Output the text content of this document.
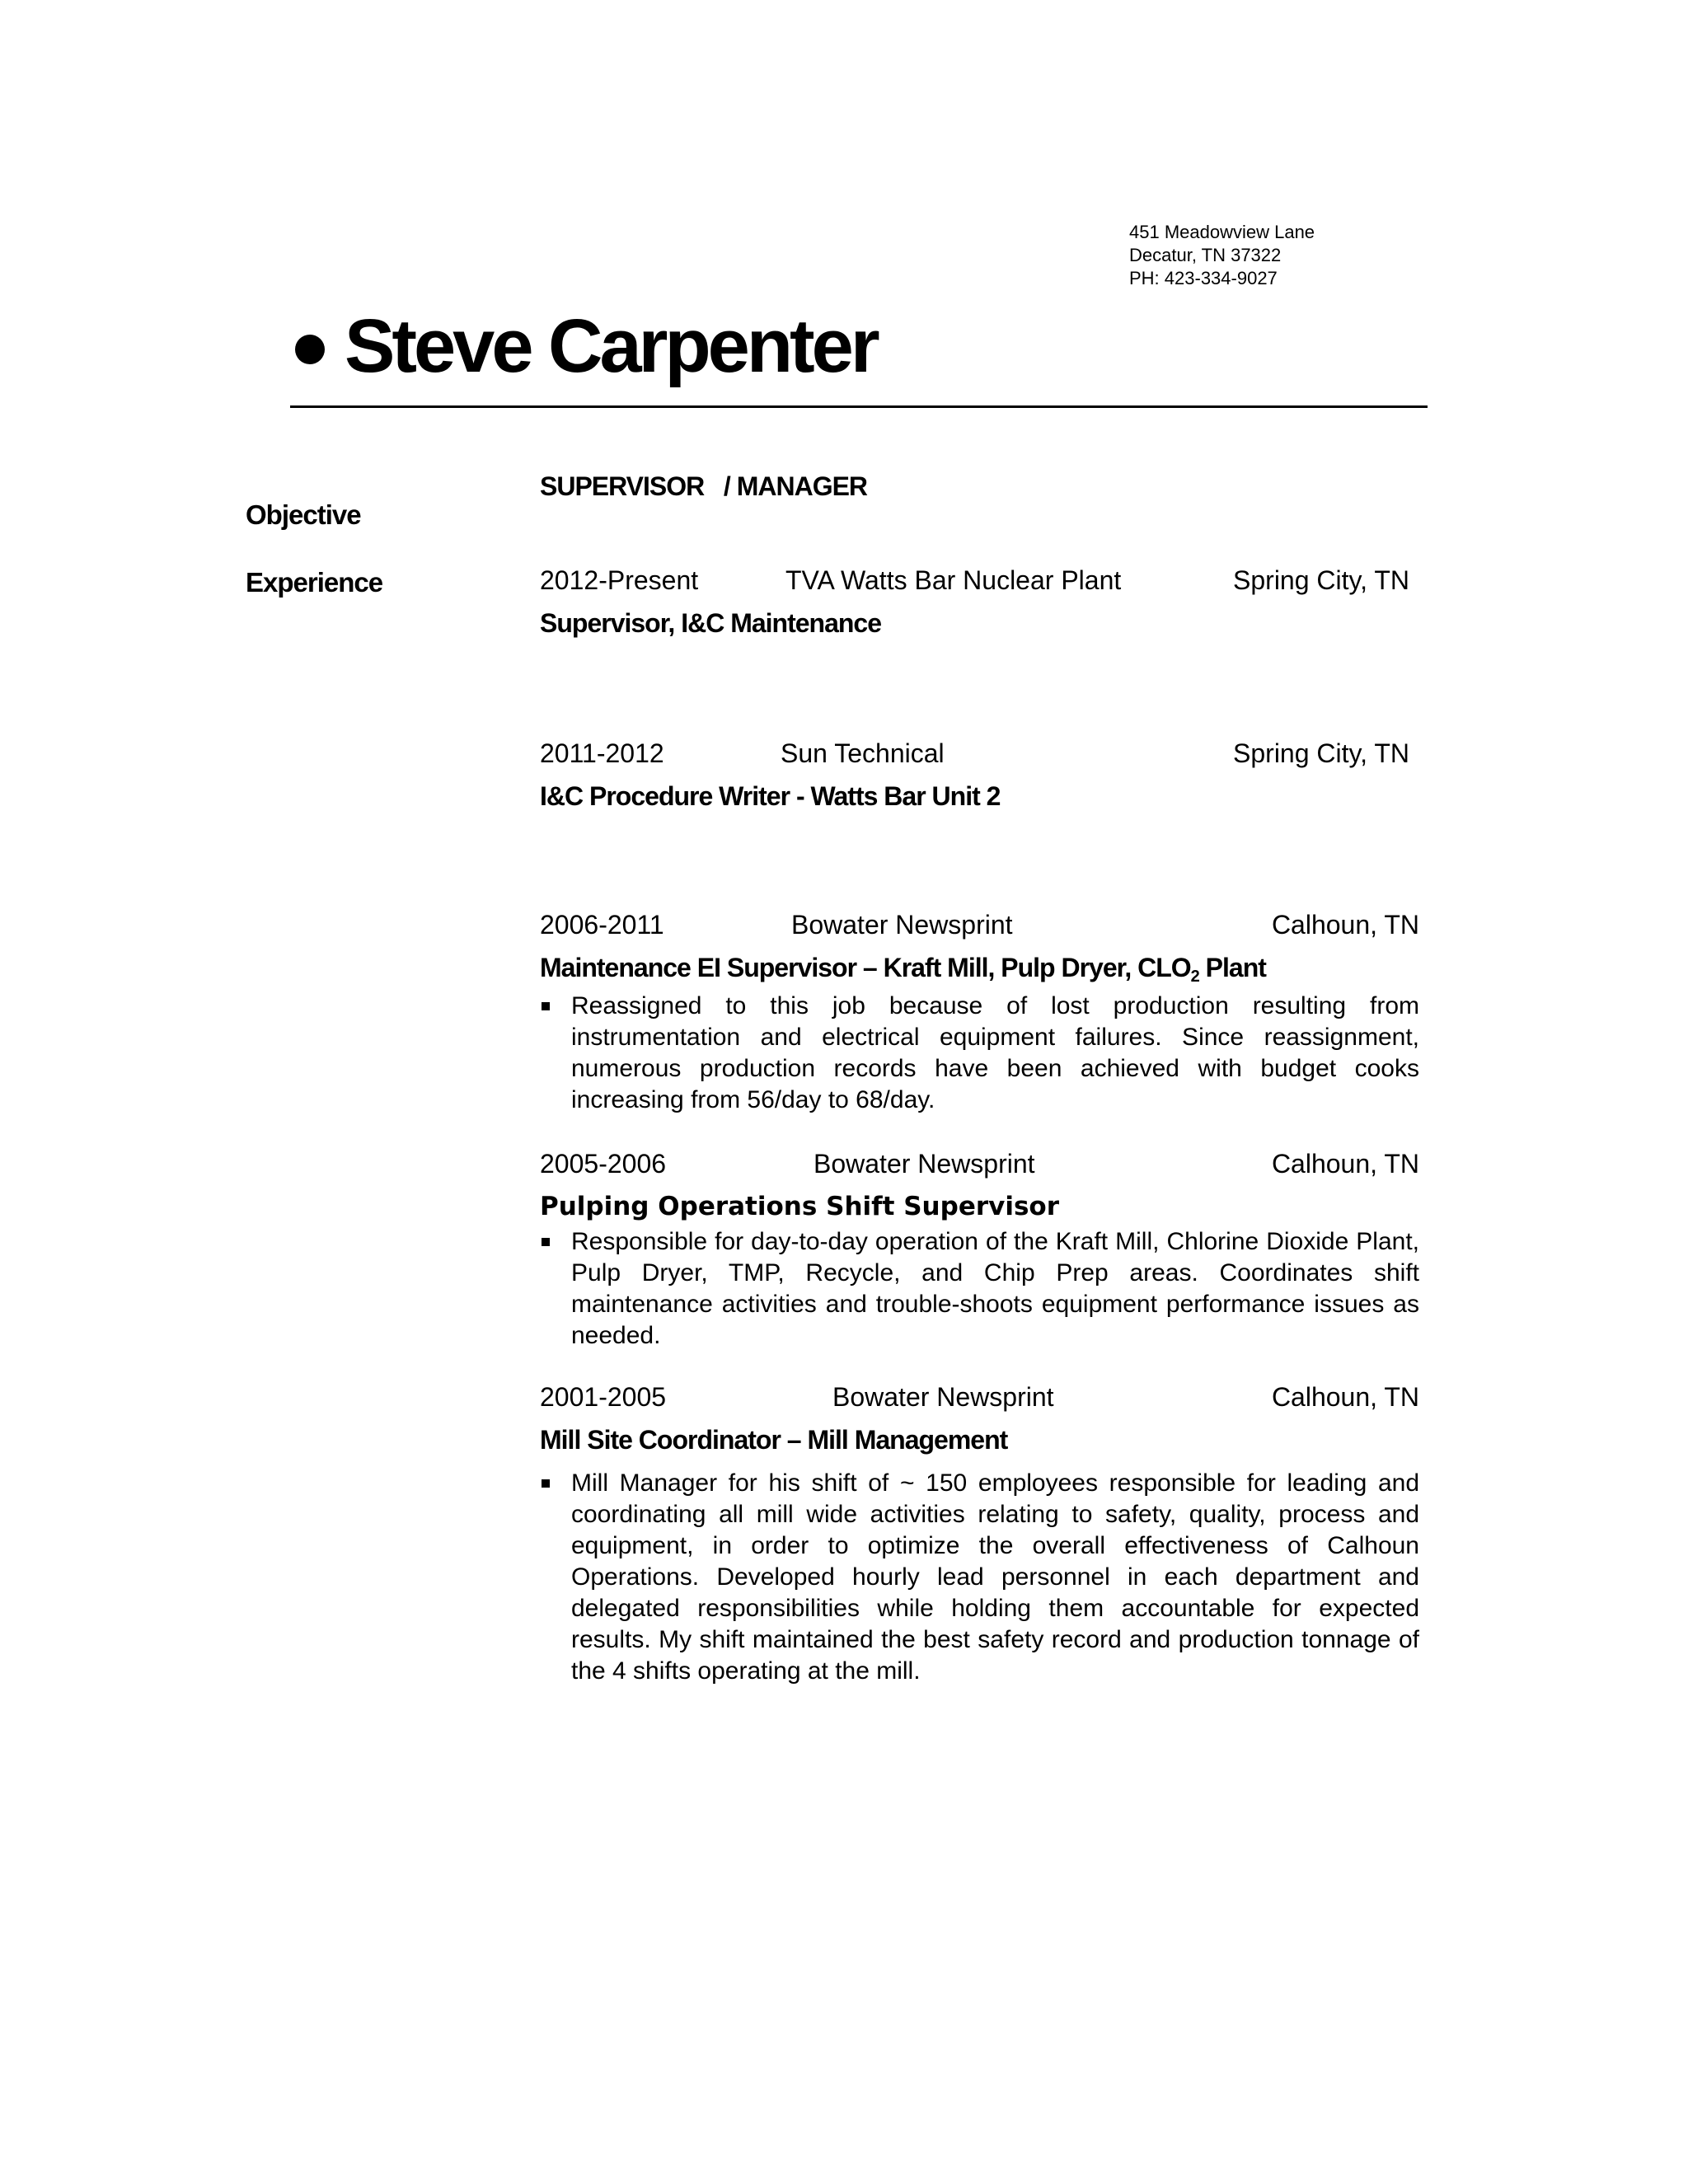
451 Meadowview Lane
Decatur, TN 37322
PH: 423-334-9027
Steve Carpenter
Objective
SUPERVISOR   / MANAGER
Experience	2012-Present	TVA Watts Bar Nuclear Plant	Spring City, TN
Supervisor, I&C Maintenance
2011-2012	Sun Technical	Spring City, TN
I&C Procedure Writer - Watts Bar Unit 2
2006-2011	Bowater Newsprint	Calhoun, TN
Maintenance EI Supervisor – Kraft Mill, Pulp Dryer, $CLO_2$ Plant
Reassigned to this job because of lost production resulting from instrumentation and electrical equipment failures. Since reassignment, numerous production records have been achieved with budget cooks increasing from 56/day to 68/day.
2005-2006	Bowater Newsprint	Calhoun, TN
Pulping Operations Shift Supervisor
Responsible for day-to-day operation of the Kraft Mill, Chlorine Dioxide Plant, Pulp Dryer, TMP, Recycle, and Chip Prep areas. Coordinates shift maintenance activities and trouble-shoots equipment performance issues as needed.
2001-2005	Bowater Newsprint	Calhoun, TN
Mill Site Coordinator – Mill Management
Mill Manager for his shift of ~ 150 employees responsible for leading and coordinating all mill wide activities relating to safety, quality, process and equipment, in order to optimize the overall effectiveness of Calhoun Operations. Developed hourly lead personnel in each department and delegated responsibilities while holding them accountable for expected results. My shift maintained the best safety record and production tonnage of the 4 shifts operating at the mill.
